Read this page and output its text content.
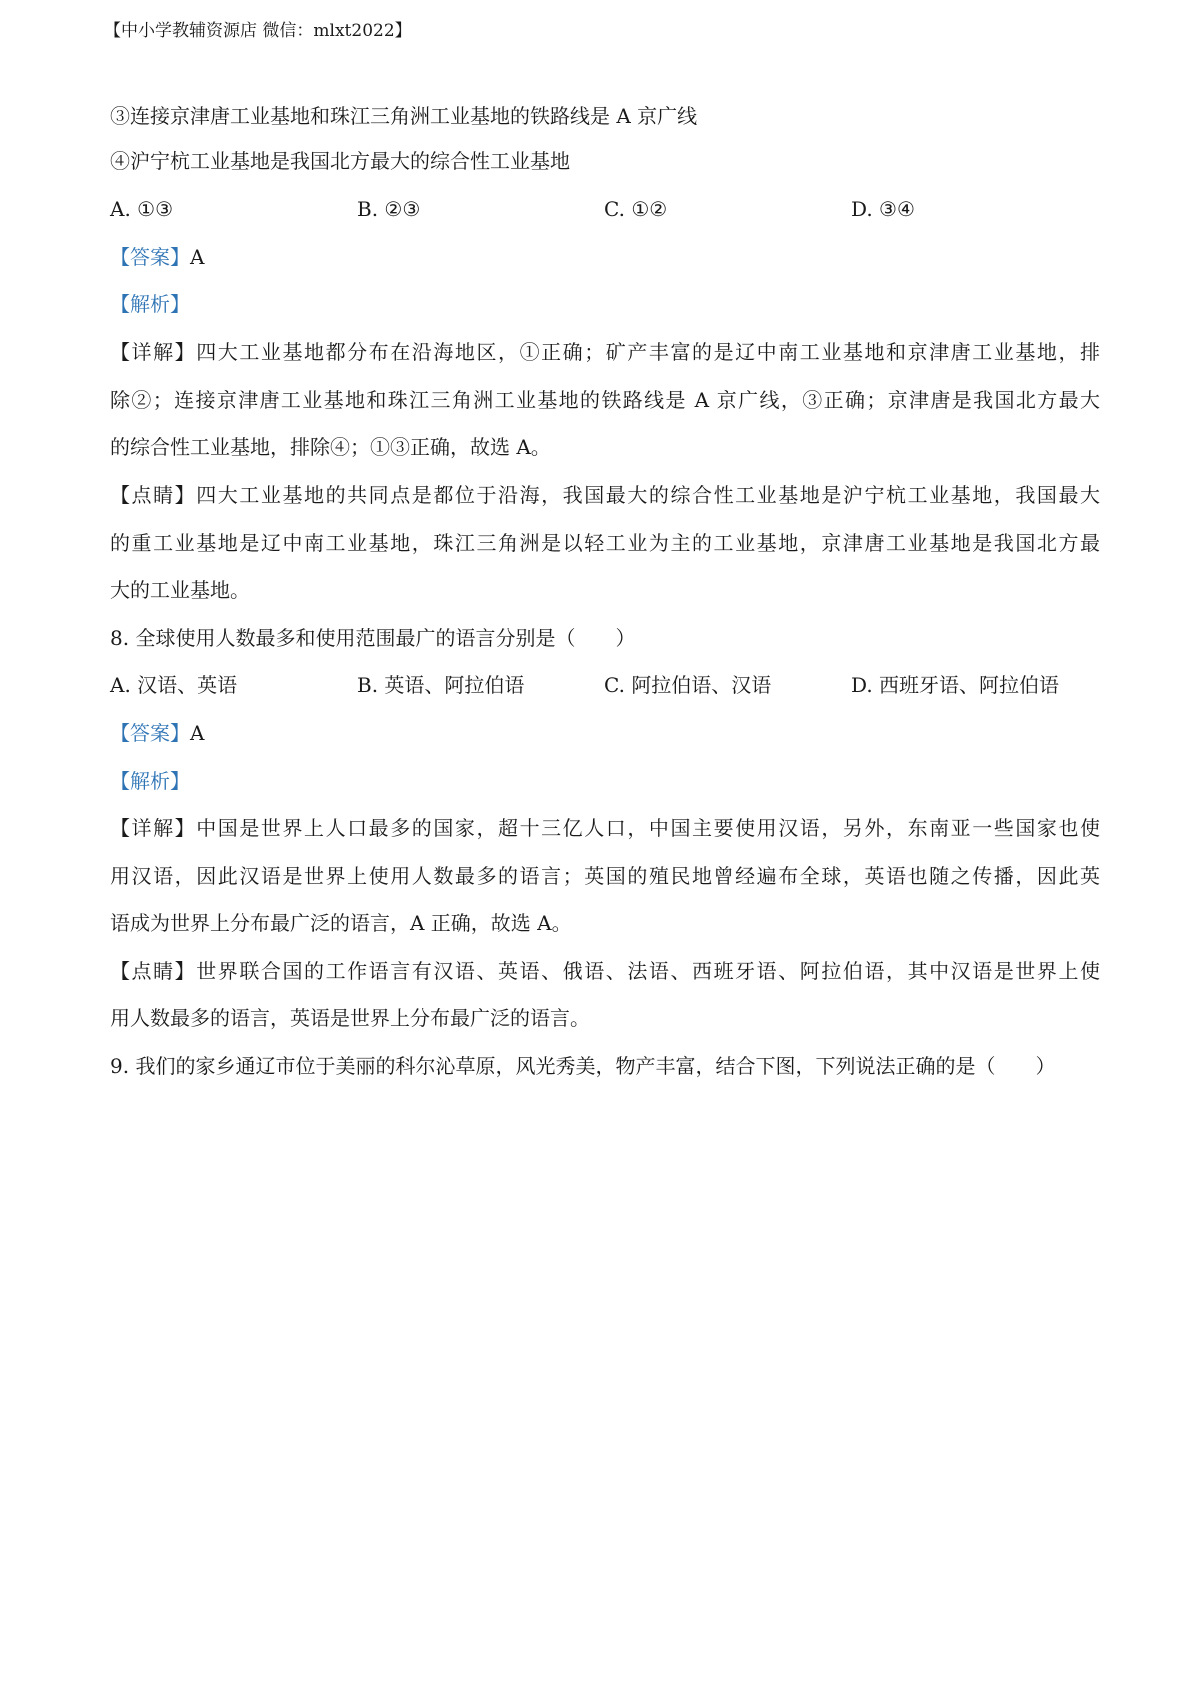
【中小学教辅资源店 微信：mlxt2022】
③连接京津唐工业基地和珠江三角洲工业基地的铁路线是 A 京广线
④沪宁杭工业基地是我国北方最大的综合性工业基地
A. ①③	B. ②③	C. ①②	D. ③④
【答案】A
【解析】
【详解】四大工业基地都分布在沿海地区，①正确；矿产丰富的是辽中南工业基地和京津唐工业基地，排
除②；连接京津唐工业基地和珠江三角洲工业基地的铁路线是 A 京广线，③正确；京津唐是我国北方最大
的综合性工业基地，排除④；①③正确，故选 A。
【点睛】四大工业基地的共同点是都位于沿海，我国最大的综合性工业基地是沪宁杭工业基地，我国最大
的重工业基地是辽中南工业基地，珠江三角洲是以轻工业为主的工业基地，京津唐工业基地是我国北方最
大的工业基地。
8. 全球使用人数最多和使用范围最广的语言分别是（　　）
A. 汉语、英语	B. 英语、阿拉伯语	C. 阿拉伯语、汉语	D. 西班牙语、阿拉伯语
【答案】A
【解析】
【详解】中国是世界上人口最多的国家，超十三亿人口，中国主要使用汉语，另外，东南亚一些国家也使
用汉语，因此汉语是世界上使用人数最多的语言；英国的殖民地曾经遍布全球，英语也随之传播，因此英
语成为世界上分布最广泛的语言，A 正确，故选 A。
【点睛】世界联合国的工作语言有汉语、英语、俄语、法语、西班牙语、阿拉伯语，其中汉语是世界上使
用人数最多的语言，英语是世界上分布最广泛的语言。
9. 我们的家乡通辽市位于美丽的科尔沁草原，风光秀美，物产丰富，结合下图，下列说法正确的是（　　）
